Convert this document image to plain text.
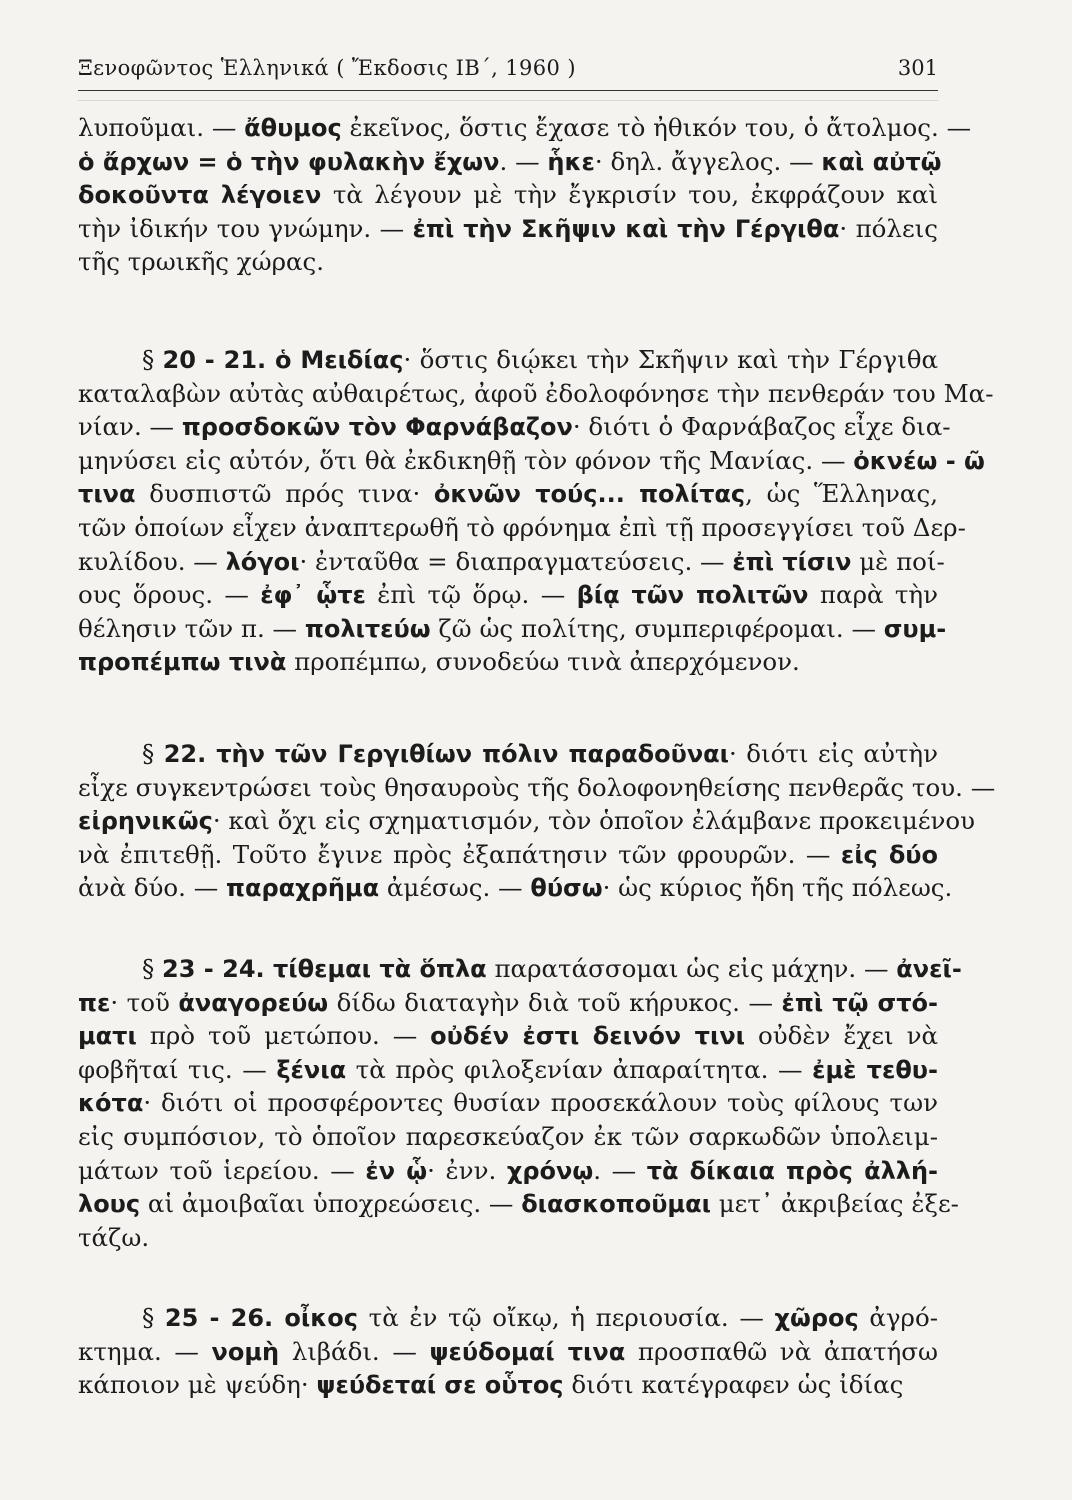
Ξενοφῶντος Ἑλληνικά ( Ἔκδοσις ΙΒ΄, 1960 )	301
λυποῦμαι. — ἄθυμος ἐκεῖνος, ὅστις ἔχασε τὸ ἠθικόν του, ὁ ἄτολμος. —
ὁ ἄρχων = ὁ τὴν φυλακὴν ἔχων. — ἧκε· δηλ. ἄγγελος. — καὶ αὐτῷ
δοκοῦντα λέγοιεν τὰ λέγουν μὲ τὴν ἔγκρισίν του, ἐκφράζουν καὶ
τὴν ἰδικήν του γνώμην. — ἐπὶ τὴν Σκῆψιν καὶ τὴν Γέργιθα· πόλεις
τῆς τρωικῆς χώρας.
§ 20 - 21. ὁ Μειδίας· ὅστις διῴκει τὴν Σκῆψιν καὶ τὴν Γέργιθα
καταλαβὼν αὐτὰς αὐθαιρέτως, ἀφοῦ ἐδολοφόνησε τὴν πενθεράν του Μα-
νίαν. — προσδοκῶν τὸν Φαρνάβαζον· διότι ὁ Φαρνάβαζος εἶχε δια-
μηνύσει εἰς αὐτόν, ὅτι θὰ ἐκδικηθῇ τὸν φόνον τῆς Μανίας. — ὀκνέω - ῶ
τινα δυσπιστῶ πρός τινα· ὀκνῶν τούς... πολίτας, ὡς Ἕλληνας,
τῶν ὁποίων εἶχεν ἀναπτερωθῆ τὸ φρόνημα ἐπὶ τῇ προσεγγίσει τοῦ Δερ-
κυλίδου. — λόγοι· ἐνταῦθα = διαπραγματεύσεις. — ἐπὶ τίσιν μὲ ποί-
ους ὅρους. — ἐφ᾽ ᾧτε ἐπὶ τῷ ὅρῳ. — βίᾳ τῶν πολιτῶν παρὰ τὴν
θέλησιν τῶν π. — πολιτεύω ζῶ ὡς πολίτης, συμπεριφέρομαι. — συμ-
προπέμπω τινὰ προπέμπω, συνοδεύω τινὰ ἀπερχόμενον.
§ 22. τὴν τῶν Γεργιθίων πόλιν παραδοῦναι· διότι εἰς αὐτὴν
εἶχε συγκεντρώσει τοὺς θησαυροὺς τῆς δολοφονηθείσης πενθερᾶς του. —
εἰρηνικῶς· καὶ ὄχι εἰς σχηματισμόν, τὸν ὁποῖον ἐλάμβανε προκειμένου
νὰ ἐπιτεθῇ. Τοῦτο ἔγινε πρὸς ἐξαπάτησιν τῶν φρουρῶν. — εἰς δύο
ἀνὰ δύο. — παραχρῆμα ἀμέσως. — θύσω· ὡς κύριος ἤδη τῆς πόλεως.
§ 23 - 24. τίθεμαι τὰ ὅπλα παρατάσσομαι ὡς εἰς μάχην. — ἀνεῖ-
πε· τοῦ ἀναγορεύω δίδω διαταγὴν διὰ τοῦ κήρυκος. — ἐπὶ τῷ στό-
ματι πρὸ τοῦ μετώπου. — οὐδέν ἐστι δεινόν τινι οὐδὲν ἔχει νὰ
φοβῆταί τις. — ξένια τὰ πρὸς φιλοξενίαν ἀπαραίτητα. — ἐμὲ τεθυ-
κότα· διότι οἱ προσφέροντες θυσίαν προσεκάλουν τοὺς φίλους των
εἰς συμπόσιον, τὸ ὁποῖον παρεσκεύαζον ἐκ τῶν σαρκωδῶν ὑπολειμ-
μάτων τοῦ ἱερείου. — ἐν ᾧ· ἐνν. χρόνῳ. — τὰ δίκαια πρὸς ἀλλή-
λους αἱ ἀμοιβαῖαι ὑποχρεώσεις. — διασκοποῦμαι μετ᾽ ἀκριβείας ἐξε-
τάζω.
§ 25 - 26. οἶκος τὰ ἐν τῷ οἴκῳ, ἡ περιουσία. — χῶρος ἀγρό-
κτημα. — νομὴ λιβάδι. — ψεύδομαί τινα προσπαθῶ νὰ ἀπατήσω
κάποιον μὲ ψεύδη· ψεύδεταί σε οὗτος διότι κατέγραφεν ὡς ἰδίας
